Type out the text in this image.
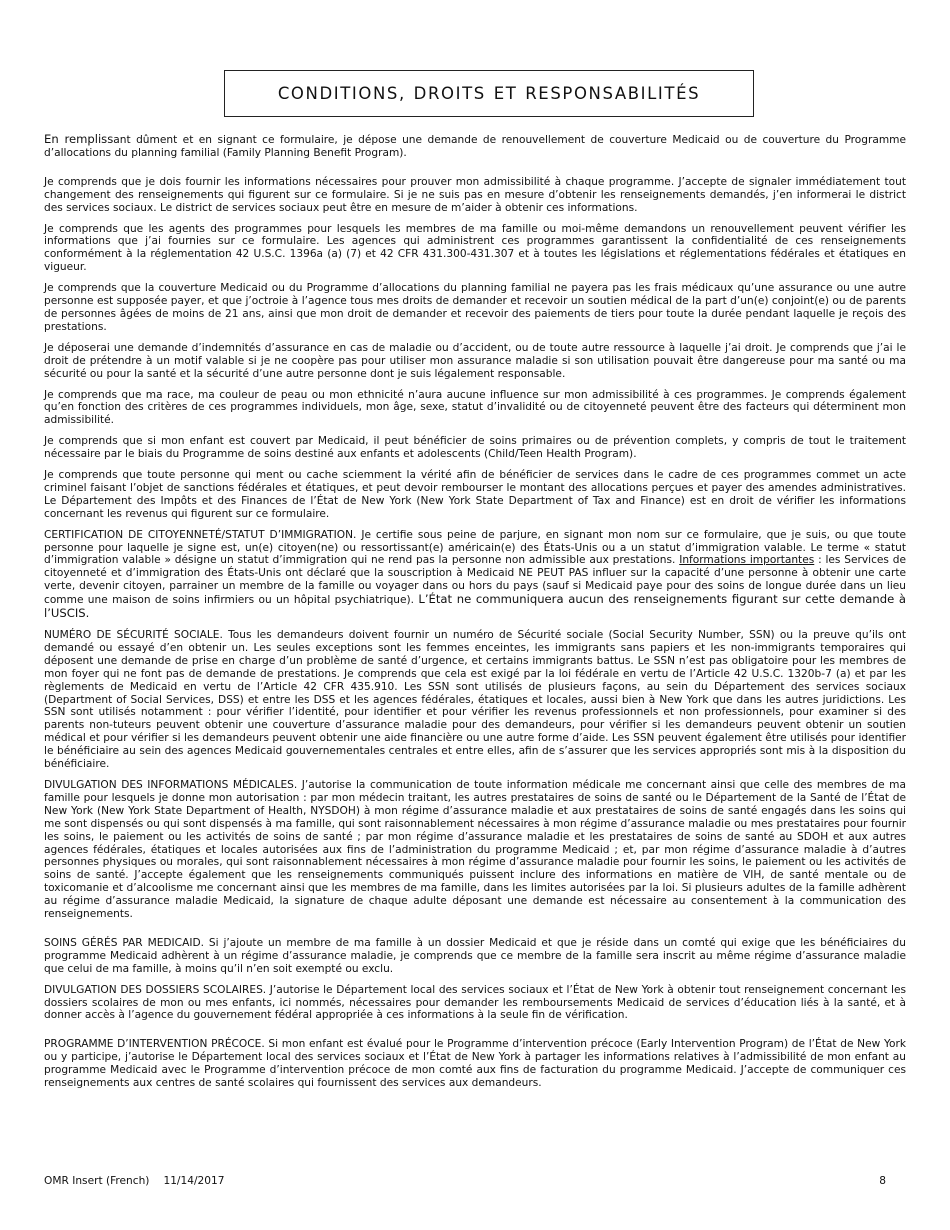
CONDITIONS, DROITS ET RESPONSABILITÉS

En remplissant dûment et en signant ce formulaire, je dépose une demande de renouvellement de couverture Medicaid ou de couverture du Programme d’allocations du planning familial (Family Planning Benefit Program).

Je comprends que je dois fournir les informations nécessaires pour prouver mon admissibilité à chaque programme. J’accepte de signaler immédiatement tout changement des renseignements qui figurent sur ce formulaire. Si je ne suis pas en mesure d’obtenir les renseignements demandés, j’en informerai le district des services sociaux. Le district de services sociaux peut être en mesure de m’aider à obtenir ces informations.

Je comprends que les agents des programmes pour lesquels les membres de ma famille ou moi-même demandons un renouvellement peuvent vérifier les informations que j’ai fournies sur ce formulaire. Les agences qui administrent ces programmes garantissent la confidentialité de ces renseignements conformément à la réglementation 42 U.S.C. 1396a (a) (7) et 42 CFR 431.300-431.307 et à toutes les législations et réglementations fédérales et étatiques en vigueur.

Je comprends que la couverture Medicaid ou du Programme d’allocations du planning familial ne payera pas les frais médicaux qu’une assurance ou une autre personne est supposée payer, et que j’octroie à l’agence tous mes droits de demander et recevoir un soutien médical de la part d’un(e) conjoint(e) ou de parents de personnes âgées de moins de 21 ans, ainsi que mon droit de demander et recevoir des paiements de tiers pour toute la durée pendant laquelle je reçois des prestations.

Je déposerai une demande d’indemnités d’assurance en cas de maladie ou d’accident, ou de toute autre ressource à laquelle j’ai droit. Je comprends que j’ai le droit de prétendre à un motif valable si je ne coopère pas pour utiliser mon assurance maladie si son utilisation pouvait être dangereuse pour ma santé ou ma sécurité ou pour la santé et la sécurité d’une autre personne dont je suis légalement responsable.

Je comprends que ma race, ma couleur de peau ou mon ethnicité n’aura aucune influence sur mon admissibilité à ces programmes. Je comprends également qu’en fonction des critères de ces programmes individuels, mon âge, sexe, statut d’invalidité ou de citoyenneté peuvent être des facteurs qui déterminent mon admissibilité.

Je comprends que si mon enfant est couvert par Medicaid, il peut bénéficier de soins primaires ou de prévention complets, y compris de tout le traitement nécessaire par le biais du Programme de soins destiné aux enfants et adolescents (Child/Teen Health Program).

Je comprends que toute personne qui ment ou cache sciemment la vérité afin de bénéficier de services dans le cadre de ces programmes commet un acte criminel faisant l’objet de sanctions fédérales et étatiques, et peut devoir rembourser le montant des allocations perçues et payer des amendes administratives. Le Département des Impôts et des Finances de l’État de New York (New York State Department of Tax and Finance) est en droit de vérifier les informations concernant les revenus qui figurent sur ce formulaire.

CERTIFICATION DE CITOYENNETÉ/STATUT D’IMMIGRATION. Je certifie sous peine de parjure, en signant mon nom sur ce formulaire, que je suis, ou que toute personne pour laquelle je signe est, un(e) citoyen(ne) ou ressortissant(e) américain(e) des États-Unis ou a un statut d’immigration valable. Le terme « statut d’immigration valable » désigne un statut d’immigration qui ne rend pas la personne non admissible aux prestations. Informations importantes : les Services de citoyenneté et d’immigration des États-Unis ont déclaré que la souscription à Medicaid NE PEUT PAS influer sur la capacité d’une personne à obtenir une carte verte, devenir citoyen, parrainer un membre de la famille ou voyager dans ou hors du pays (sauf si Medicaid paye pour des soins de longue durée dans un lieu comme une maison de soins infirmiers ou un hôpital psychiatrique). L’État ne communiquera aucun des renseignements figurant sur cette demande à l’USCIS.

NUMÉRO DE SÉCURITÉ SOCIALE. Tous les demandeurs doivent fournir un numéro de Sécurité sociale (Social Security Number, SSN) ou la preuve qu’ils ont demandé ou essayé d’en obtenir un. Les seules exceptions sont les femmes enceintes, les immigrants sans papiers et les non-immigrants temporaires qui déposent une demande de prise en charge d’un problème de santé d’urgence, et certains immigrants battus. Le SSN n’est pas obligatoire pour les membres de mon foyer qui ne font pas de demande de prestations. Je comprends que cela est exigé par la loi fédérale en vertu de l’Article 42 U.S.C. 1320b-7 (a) et par les règlements de Medicaid en vertu de l’Article 42 CFR 435.910. Les SSN sont utilisés de plusieurs façons, au sein du Département des services sociaux (Department of Social Services, DSS) et entre les DSS et les agences fédérales, étatiques et locales, aussi bien à New York que dans les autres juridictions. Les SSN sont utilisés notamment : pour vérifier l’identité, pour identifier et pour vérifier les revenus professionnels et non professionnels, pour examiner si des parents non-tuteurs peuvent obtenir une couverture d’assurance maladie pour des demandeurs, pour vérifier si les demandeurs peuvent obtenir un soutien médical et pour vérifier si les demandeurs peuvent obtenir une aide financière ou une autre forme d’aide. Les SSN peuvent également être utilisés pour identifier le bénéficiaire au sein des agences Medicaid gouvernementales centrales et entre elles, afin de s’assurer que les services appropriés sont mis à la disposition du bénéficiaire.

DIVULGATION DES INFORMATIONS MÉDICALES. J’autorise la communication de toute information médicale me concernant ainsi que celle des membres de ma famille pour lesquels je donne mon autorisation : par mon médecin traitant, les autres prestataires de soins de santé ou le Département de la Santé de l’État de New York (New York State Department of Health, NYSDOH) à mon régime d’assurance maladie et aux prestataires de soins de santé engagés dans les soins qui me sont dispensés ou qui sont dispensés à ma famille, qui sont raisonnablement nécessaires à mon régime d’assurance maladie ou mes prestataires pour fournir les soins, le paiement ou les activités de soins de santé ; par mon régime d’assurance maladie et les prestataires de soins de santé au SDOH et aux autres agences fédérales, étatiques et locales autorisées aux fins de l’administration du programme Medicaid ; et, par mon régime d’assurance maladie à d’autres personnes physiques ou morales, qui sont raisonnablement nécessaires à mon régime d’assurance maladie pour fournir les soins, le paiement ou les activités de soins de santé. J’accepte également que les renseignements communiqués puissent inclure des informations en matière de VIH, de santé mentale ou de toxicomanie et d’alcoolisme me concernant ainsi que les membres de ma famille, dans les limites autorisées par la loi. Si plusieurs adultes de la famille adhèrent au régime d’assurance maladie Medicaid, la signature de chaque adulte déposant une demande est nécessaire au consentement à la communication des renseignements.

SOINS GÉRÉS PAR MEDICAID. Si j’ajoute un membre de ma famille à un dossier Medicaid et que je réside dans un comté qui exige que les bénéficiaires du programme Medicaid adhèrent à un régime d’assurance maladie, je comprends que ce membre de la famille sera inscrit au même régime d’assurance maladie que celui de ma famille, à moins qu’il n’en soit exempté ou exclu.

DIVULGATION DES DOSSIERS SCOLAIRES. J’autorise le Département local des services sociaux et l’État de New York à obtenir tout renseignement concernant les dossiers scolaires de mon ou mes enfants, ici nommés, nécessaires pour demander les remboursements Medicaid de services d’éducation liés à la santé, et à donner accès à l’agence du gouvernement fédéral appropriée à ces informations à la seule fin de vérification.

PROGRAMME D’INTERVENTION PRÉCOCE. Si mon enfant est évalué pour le Programme d’intervention précoce (Early Intervention Program) de l’État de New York ou y participe, j’autorise le Département local des services sociaux et l’État de New York à partager les informations relatives à l’admissibilité de mon enfant au programme Medicaid avec le Programme d’intervention précoce de mon comté aux fins de facturation du programme Medicaid. J’accepte de communiquer ces renseignements aux centres de santé scolaires qui fournissent des services aux demandeurs.

OMR Insert (French) 11/14/2017	8
